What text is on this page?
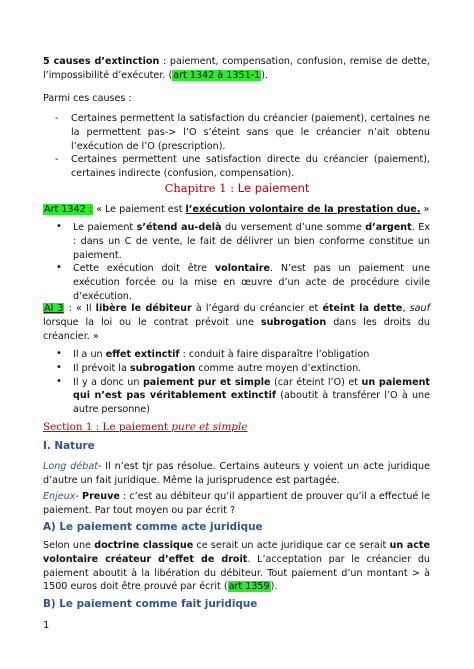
5 causes d’extinction : paiement, compensation, confusion, remise de dette, l’impossibilité d’exécuter. (art 1342 à 1351-1).
Parmi ces causes :
- Certaines permettent la satisfaction du créancier (paiement), certaines ne la permettent pas-> l’O s’éteint sans que le créancier n’ait obtenu l’exécution de l’O (prescription).
- Certaines permettent une satisfaction directe du créancier (paiement), certaines indirecte (confusion, compensation).
Chapitre 1 : Le paiement
Art 1342 : « Le paiement est l’exécution volontaire de la prestation due. »
• Le paiement s’étend au-delà du versement d’une somme d’argent. Ex : dans un C de vente, le fait de délivrer un bien conforme constitue un paiement.
• Cette exécution doit être volontaire. N’est pas un paiement une exécution forcée ou la mise en œuvre d’un acte de procédure civile d’exécution.
Al 3 : « Il libère le débiteur à l’égard du créancier et éteint la dette, sauf lorsque la loi ou le contrat prévoit une subrogation dans les droits du créancier. »
• Il a un effet extinctif : conduit à faire disparaître l’obligation
• Il prévoit la subrogation comme autre moyen d’extinction.
• Il y a donc un paiement pur et simple (car éteint l’O) et un paiement qui n’est pas véritablement extinctif (aboutit à transférer l’O à une autre personne)
Section 1 : Le paiement pure et simple
I. Nature
Long débat- Il n’est tjr pas résolue. Certains auteurs y voient un acte juridique d’autre un fait juridique. Même la jurisprudence est partagée.
Enjeux- Preuve : c’est au débiteur qu’il appartient de prouver qu’il a effectué le paiement. Par tout moyen ou par écrit ?
A) Le paiement comme acte juridique
Selon une doctrine classique ce serait un acte juridique car ce serait un acte volontaire créateur d’effet de droit. L’acceptation par le créancier du paiement aboutit à la libération du débiteur. Tout paiement d’un montant > à 1500 euros doit être prouvé par écrit (art 1359).
B) Le paiement comme fait juridique
1
